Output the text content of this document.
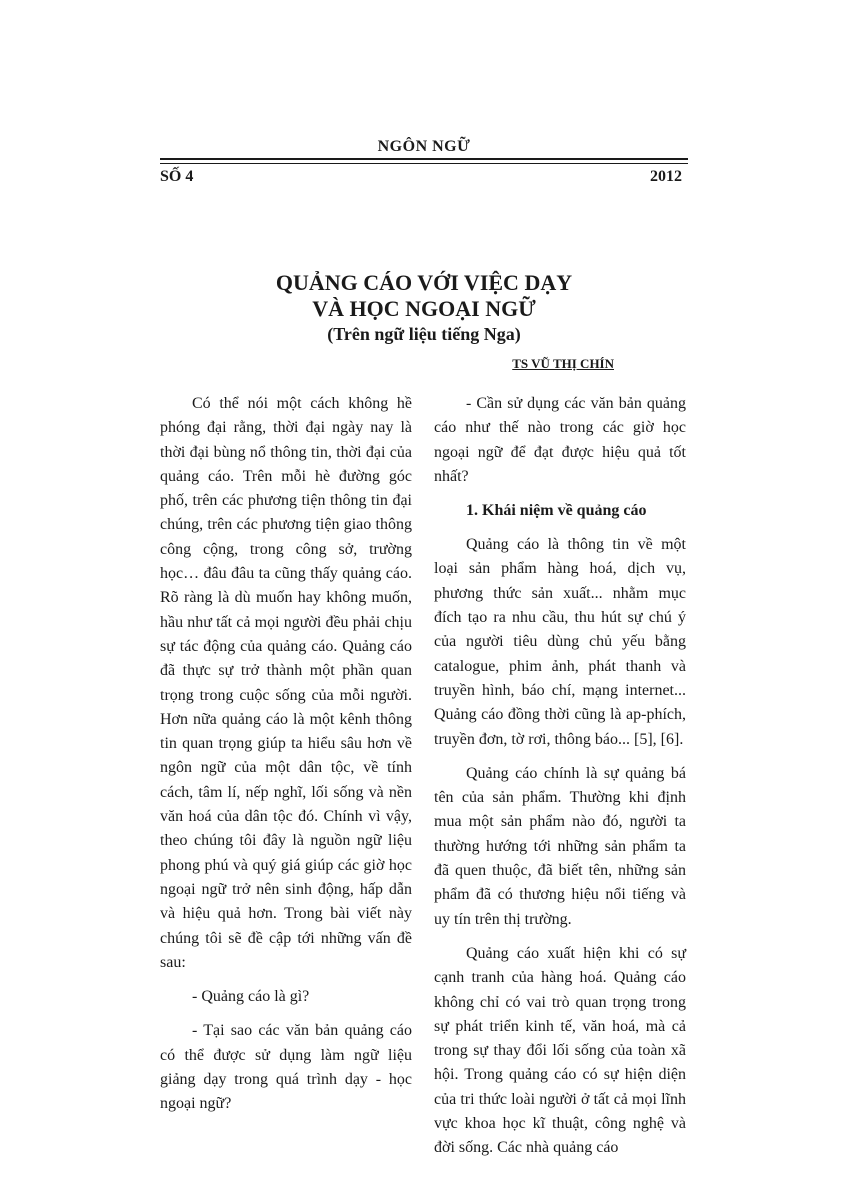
NGÔN NGỮ
SỐ 4	2012
QUẢNG CÁO VỚI VIỆC DẠY
VÀ HỌC NGOẠI NGỮ
(Trên ngữ liệu tiếng Nga)
TS VŨ THỊ CHÍN

Có thể nói một cách không hề phóng đại rằng, thời đại ngày nay là thời đại bùng nổ thông tin, thời đại của quảng cáo. Trên mỗi hè đường góc phố, trên các phương tiện thông tin đại chúng, trên các phương tiện giao thông công cộng, trong công sở, trường học… đâu đâu ta cũng thấy quảng cáo. Rõ ràng là dù muốn hay không muốn, hầu như tất cả mọi người đều phải chịu sự tác động của quảng cáo. Quảng cáo đã thực sự trở thành một phần quan trọng trong cuộc sống của mỗi người. Hơn nữa quảng cáo là một kênh thông tin quan trọng giúp ta hiểu sâu hơn về ngôn ngữ của một dân tộc, về tính cách, tâm lí, nếp nghĩ, lối sống và nền văn hoá của dân tộc đó. Chính vì vậy, theo chúng tôi đây là nguồn ngữ liệu phong phú và quý giá giúp các giờ học ngoại ngữ trở nên sinh động, hấp dẫn và hiệu quả hơn. Trong bài viết này chúng tôi sẽ đề cập tới những vấn đề sau:

- Quảng cáo là gì?

- Tại sao các văn bản quảng cáo có thể được sử dụng làm ngữ liệu giảng dạy trong quá trình dạy - học ngoại ngữ?

- Cần sử dụng các văn bản quảng cáo như thế nào trong các giờ học ngoại ngữ để đạt được hiệu quả tốt nhất?

1. Khái niệm về quảng cáo

Quảng cáo là thông tin về một loại sản phẩm hàng hoá, dịch vụ, phương thức sản xuất... nhằm mục đích tạo ra nhu cầu, thu hút sự chú ý của người tiêu dùng chủ yếu bằng catalogue, phim ảnh, phát thanh và truyền hình, báo chí, mạng internet... Quảng cáo đồng thời cũng là ap-phích, truyền đơn, tờ rơi, thông báo... [5], [6].

Quảng cáo chính là sự quảng bá tên của sản phẩm. Thường khi định mua một sản phẩm nào đó, người ta thường hướng tới những sản phẩm ta đã quen thuộc, đã biết tên, những sản phẩm đã có thương hiệu nổi tiếng và uy tín trên thị trường.

Quảng cáo xuất hiện khi có sự cạnh tranh của hàng hoá. Quảng cáo không chỉ có vai trò quan trọng trong sự phát triển kinh tế, văn hoá, mà cả trong sự thay đổi lối sống của toàn xã hội. Trong quảng cáo có sự hiện diện của tri thức loài người ở tất cả mọi lĩnh vực khoa học kĩ thuật, công nghệ và đời sống. Các nhà quảng cáo
